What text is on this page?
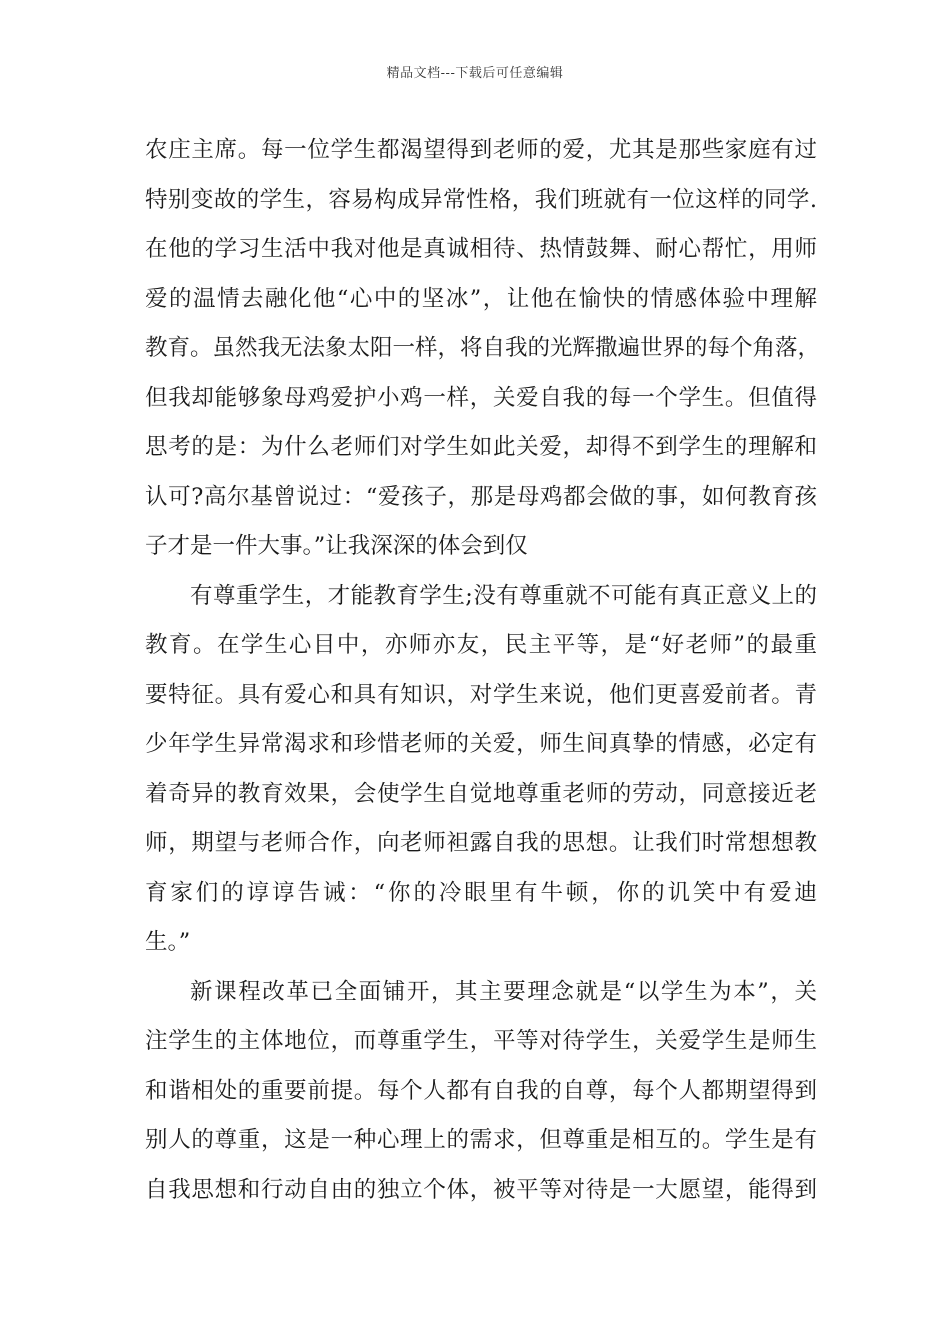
精品文档---下载后可任意编辑
农庄主席。每一位学生都渴望得到老师的爱，尤其是那些家庭有过
特别变故的学生，容易构成异常性格，我们班就有一位这样的同学.
在他的学习生活中我对他是真诚相待、热情鼓舞、耐心帮忙，用师
爱的温情去融化他“心中的坚冰”，让他在愉快的情感体验中理解
教育。虽然我无法象太阳一样，将自我的光辉撒遍世界的每个角落，
但我却能够象母鸡爱护小鸡一样，关爱自我的每一个学生。但值得
思考的是：为什么老师们对学生如此关爱，却得不到学生的理解和
认可?高尔基曾说过：“爱孩子，那是母鸡都会做的事，如何教育孩
子才是一件大事。”让我深深的体会到仅
有尊重学生，才能教育学生;没有尊重就不可能有真正意义上的
教育。在学生心目中，亦师亦友，民主平等，是“好老师”的最重
要特征。具有爱心和具有知识，对学生来说，他们更喜爱前者。青
少年学生异常渴求和珍惜老师的关爱，师生间真挚的情感，必定有
着奇异的教育效果，会使学生自觉地尊重老师的劳动，同意接近老
师，期望与老师合作，向老师袒露自我的思想。让我们时常想想教
育家们的谆谆告诫：“你的冷眼里有牛顿，你的讥笑中有爱迪
生。”
新课程改革已全面铺开，其主要理念就是“以学生为本”，关
注学生的主体地位，而尊重学生，平等对待学生，关爱学生是师生
和谐相处的重要前提。每个人都有自我的自尊，每个人都期望得到
别人的尊重，这是一种心理上的需求，但尊重是相互的。学生是有
自我思想和行动自由的独立个体，被平等对待是一大愿望，能得到
